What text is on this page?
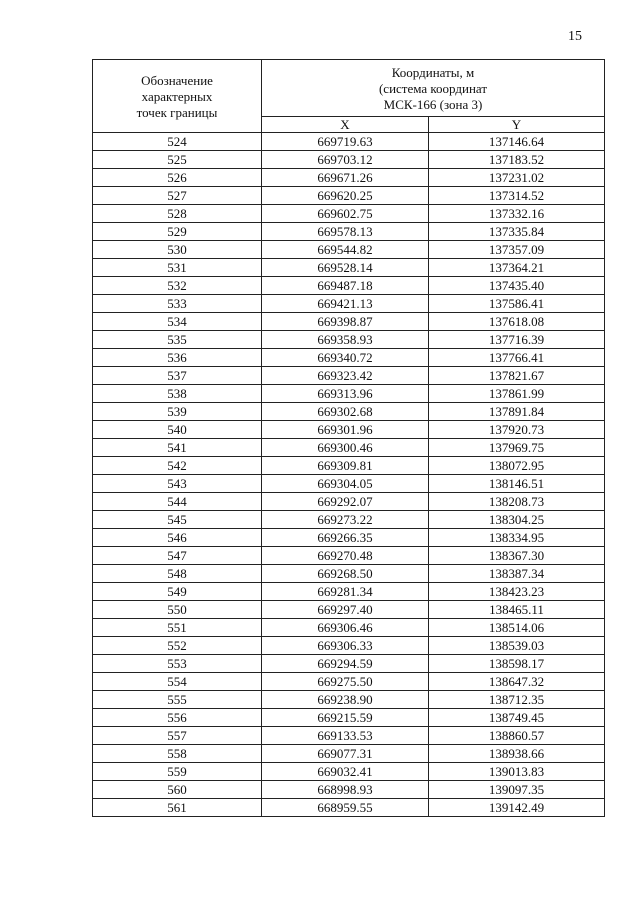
15
Обозначение
характерных
точек границы	Координаты, м
(система координат
МСК-166 (зона 3)	

	X	Y
524	669719.63	137146.64
525	669703.12	137183.52
526	669671.26	137231.02
527	669620.25	137314.52
528	669602.75	137332.16
529	669578.13	137335.84
530	669544.82	137357.09
531	669528.14	137364.21
532	669487.18	137435.40
533	669421.13	137586.41
534	669398.87	137618.08
535	669358.93	137716.39
536	669340.72	137766.41
537	669323.42	137821.67
538	669313.96	137861.99
539	669302.68	137891.84
540	669301.96	137920.73
541	669300.46	137969.75
542	669309.81	138072.95
543	669304.05	138146.51
544	669292.07	138208.73
545	669273.22	138304.25
546	669266.35	138334.95
547	669270.48	138367.30
548	669268.50	138387.34
549	669281.34	138423.23
550	669297.40	138465.11
551	669306.46	138514.06
552	669306.33	138539.03
553	669294.59	138598.17
554	669275.50	138647.32
555	669238.90	138712.35
556	669215.59	138749.45
557	669133.53	138860.57
558	669077.31	138938.66
559	669032.41	139013.83
560	668998.93	139097.35
561	668959.55	139142.49
